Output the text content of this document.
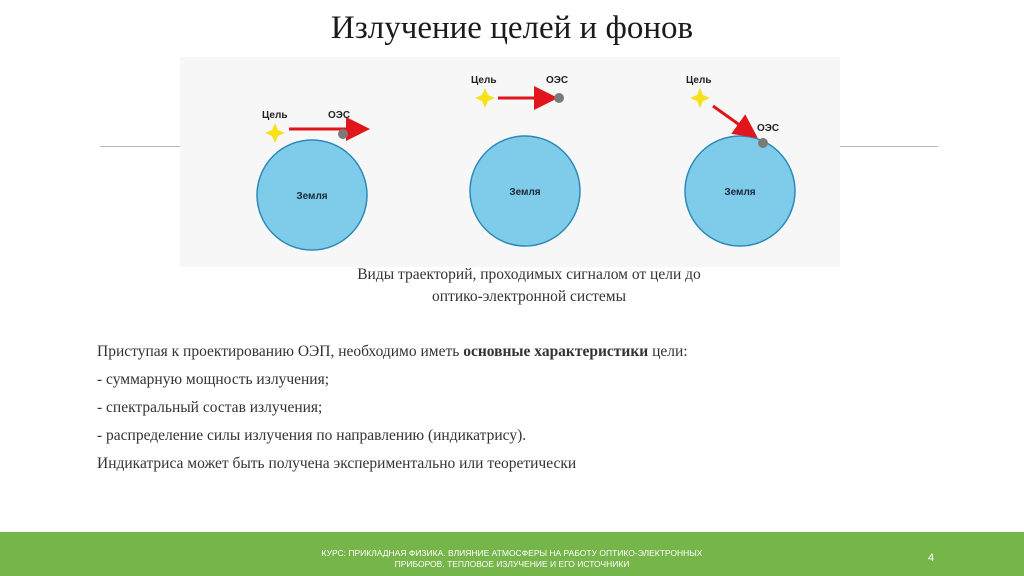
Излучение целей и фонов
Земля
Цель	ОЭС
Земля
Цель	ОЭС
Земля
Цель
ОЭС
Виды траекторий, проходимых сигналом от цели до
оптико-электронной системы
Приступая к проектированию ОЭП, необходимо иметь основные характеристики цели:
- суммарную мощность излучения;
- спектральный состав излучения;
- распределение силы излучения по направлению (индикатрису).
Индикатриса может быть получена экспериментально или теоретически
КУРС: ПРИКЛАДНАЯ ФИЗИКА. ВЛИЯНИЕ АТМОСФЕРЫ НА РАБОТУ ОПТИКО-ЭЛЕКТРОННЫХ
ПРИБОРОВ. ТЕПЛОВОЕ ИЗЛУЧЕНИЕ И ЕГО ИСТОЧНИКИ	4
